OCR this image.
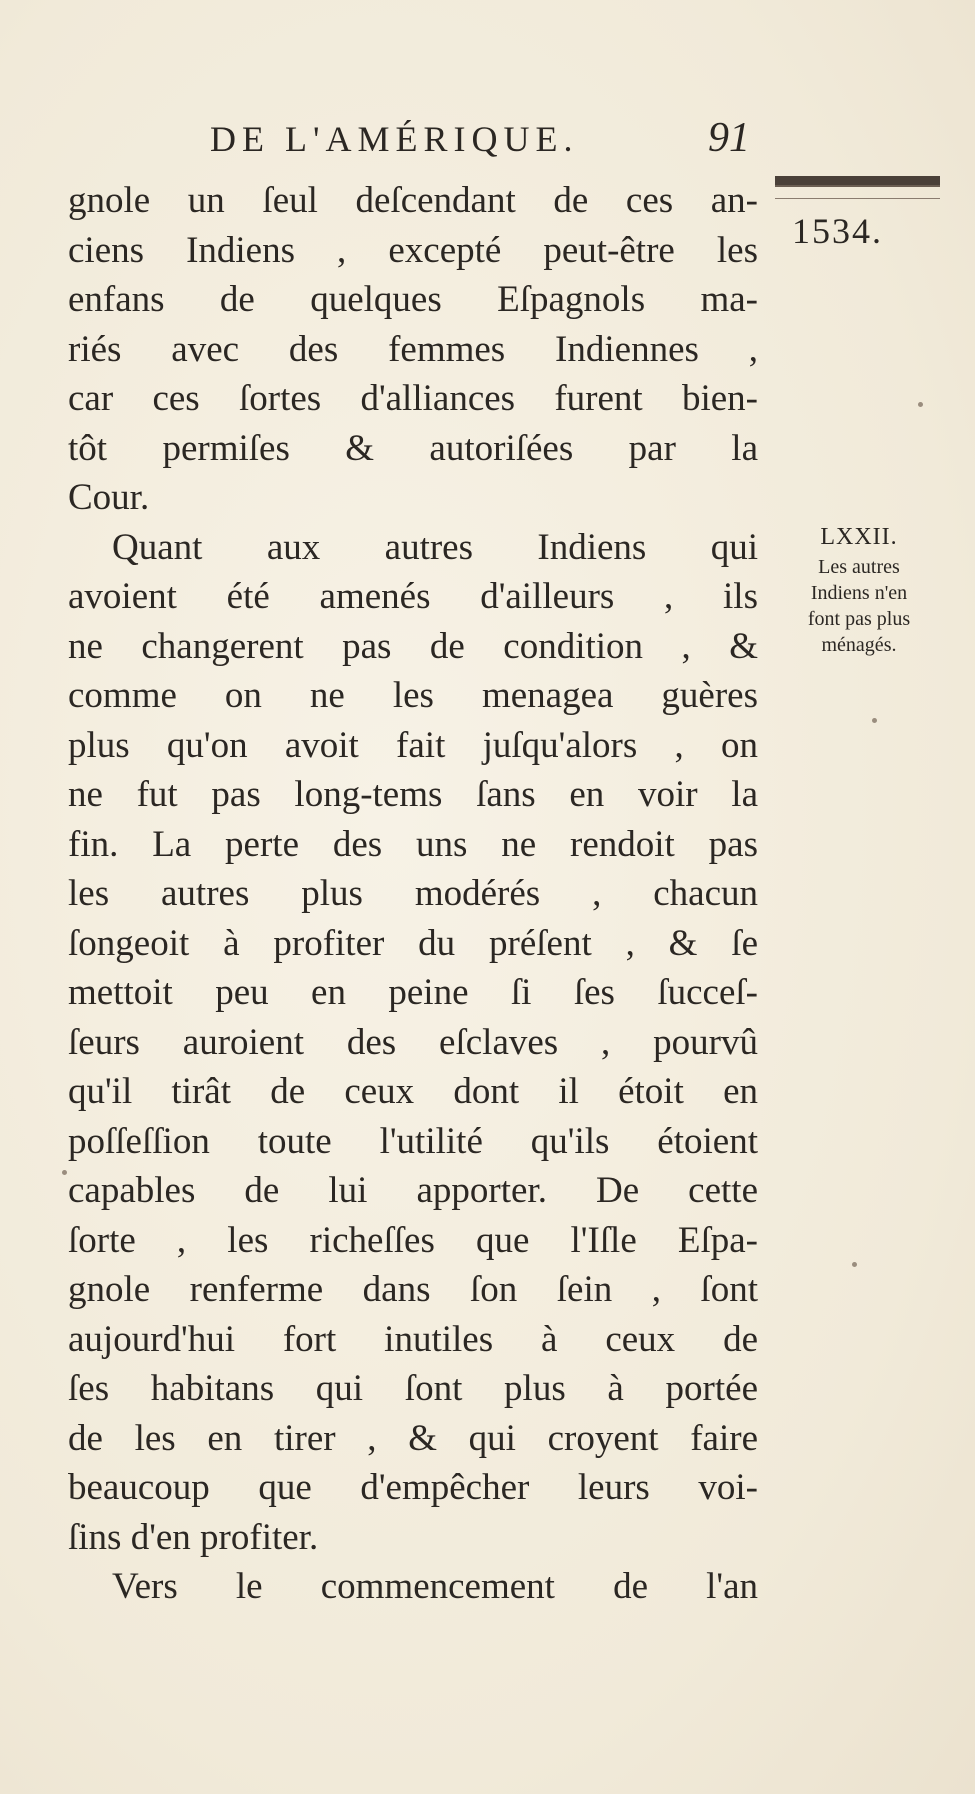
DE L'AMÉRIQUE.	91
1534.
gnole un ſeul deſcendant de ces an-
ciens Indiens , excepté peut-être les
enfans de quelques Eſpagnols ma-
riés avec des femmes Indiennes ,
car ces ſortes d'alliances furent bien-
tôt permiſes & autoriſées par la
Cour.
Quant aux autres Indiens qui
avoient été amenés d'ailleurs , ils
ne changerent pas de condition , &
comme on ne les menagea guères
plus qu'on avoit fait juſqu'alors , on
ne fut pas long-tems ſans en voir la
fin. La perte des uns ne rendoit pas
les autres plus modérés , chacun
ſongeoit à profiter du préſent , & ſe
mettoit peu en peine ſi ſes ſucceſ-
ſeurs auroient des eſclaves , pourvû
qu'il tirât de ceux dont il étoit en
poſſeſſion toute l'utilité qu'ils étoient
capables de lui apporter. De cette
ſorte , les richeſſes que l'Iſle Eſpa-
gnole renferme dans ſon ſein , ſont
aujourd'hui fort inutiles à ceux de
ſes habitans qui ſont plus à portée
de les en tirer , & qui croyent faire
beaucoup que d'empêcher leurs voi-
ſins d'en profiter.
Vers le commencement de l'an
LXXII.
Les autres
Indiens n'en
font pas plus
ménagés.
